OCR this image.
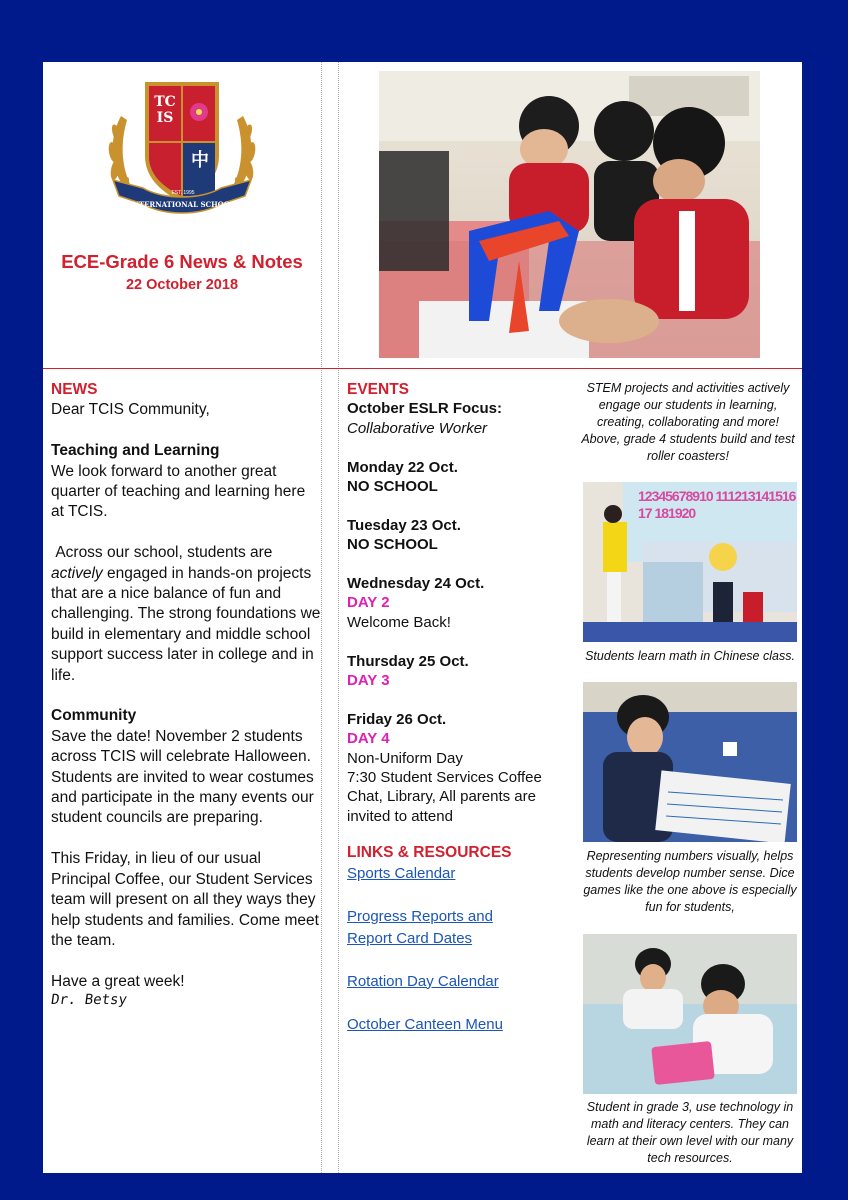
TCIS
中
EST. 1995
INTERNATIONAL SCHOOL
ECE-Grade 6 News & Notes
22 October 2018
NEWS
Dear TCIS Community,
Teaching and Learning
We look forward to another great quarter of teaching and learning here at TCIS.
Across our school, students are actively engaged in hands-on projects that are a nice balance of fun and challenging. The strong foundations we build in elementary and middle school support success later in college and in life.
Community
Save the date! November 2 students across TCIS will celebrate Halloween. Students are invited to wear costumes and participate in the many events our student councils are preparing.
This Friday, in lieu of our usual Principal Coffee, our Student Services team will present on all they ways they help students and families. Come meet the team.
Have a great week!
Dr. Betsy
EVENTS
October ESLR Focus:
Collaborative Worker
Monday 22 Oct.
NO SCHOOL
Tuesday 23 Oct.
NO SCHOOL
Wednesday 24 Oct.
DAY 2
Welcome Back!
Thursday 25 Oct.
DAY 3
Friday 26 Oct.
DAY 4
Non-Uniform Day
7:30 Student Services Coffee Chat, Library, All parents are invited to attend
LINKS & RESOURCES
Sports Calendar
Progress Reports and Report Card Dates
Rotation Day Calendar
October Canteen Menu
STEM projects and activities actively engage our students in learning, creating, collaborating and more! Above, grade 4 students build and test roller coasters!
12345678910 11121314151617 181920
Students learn math in Chinese class.
Representing numbers visually, helps students develop number sense. Dice games like the one above is especially fun for students,
Student in grade 3, use technology in math and literacy centers. They can learn at their own level with our many tech resources.
